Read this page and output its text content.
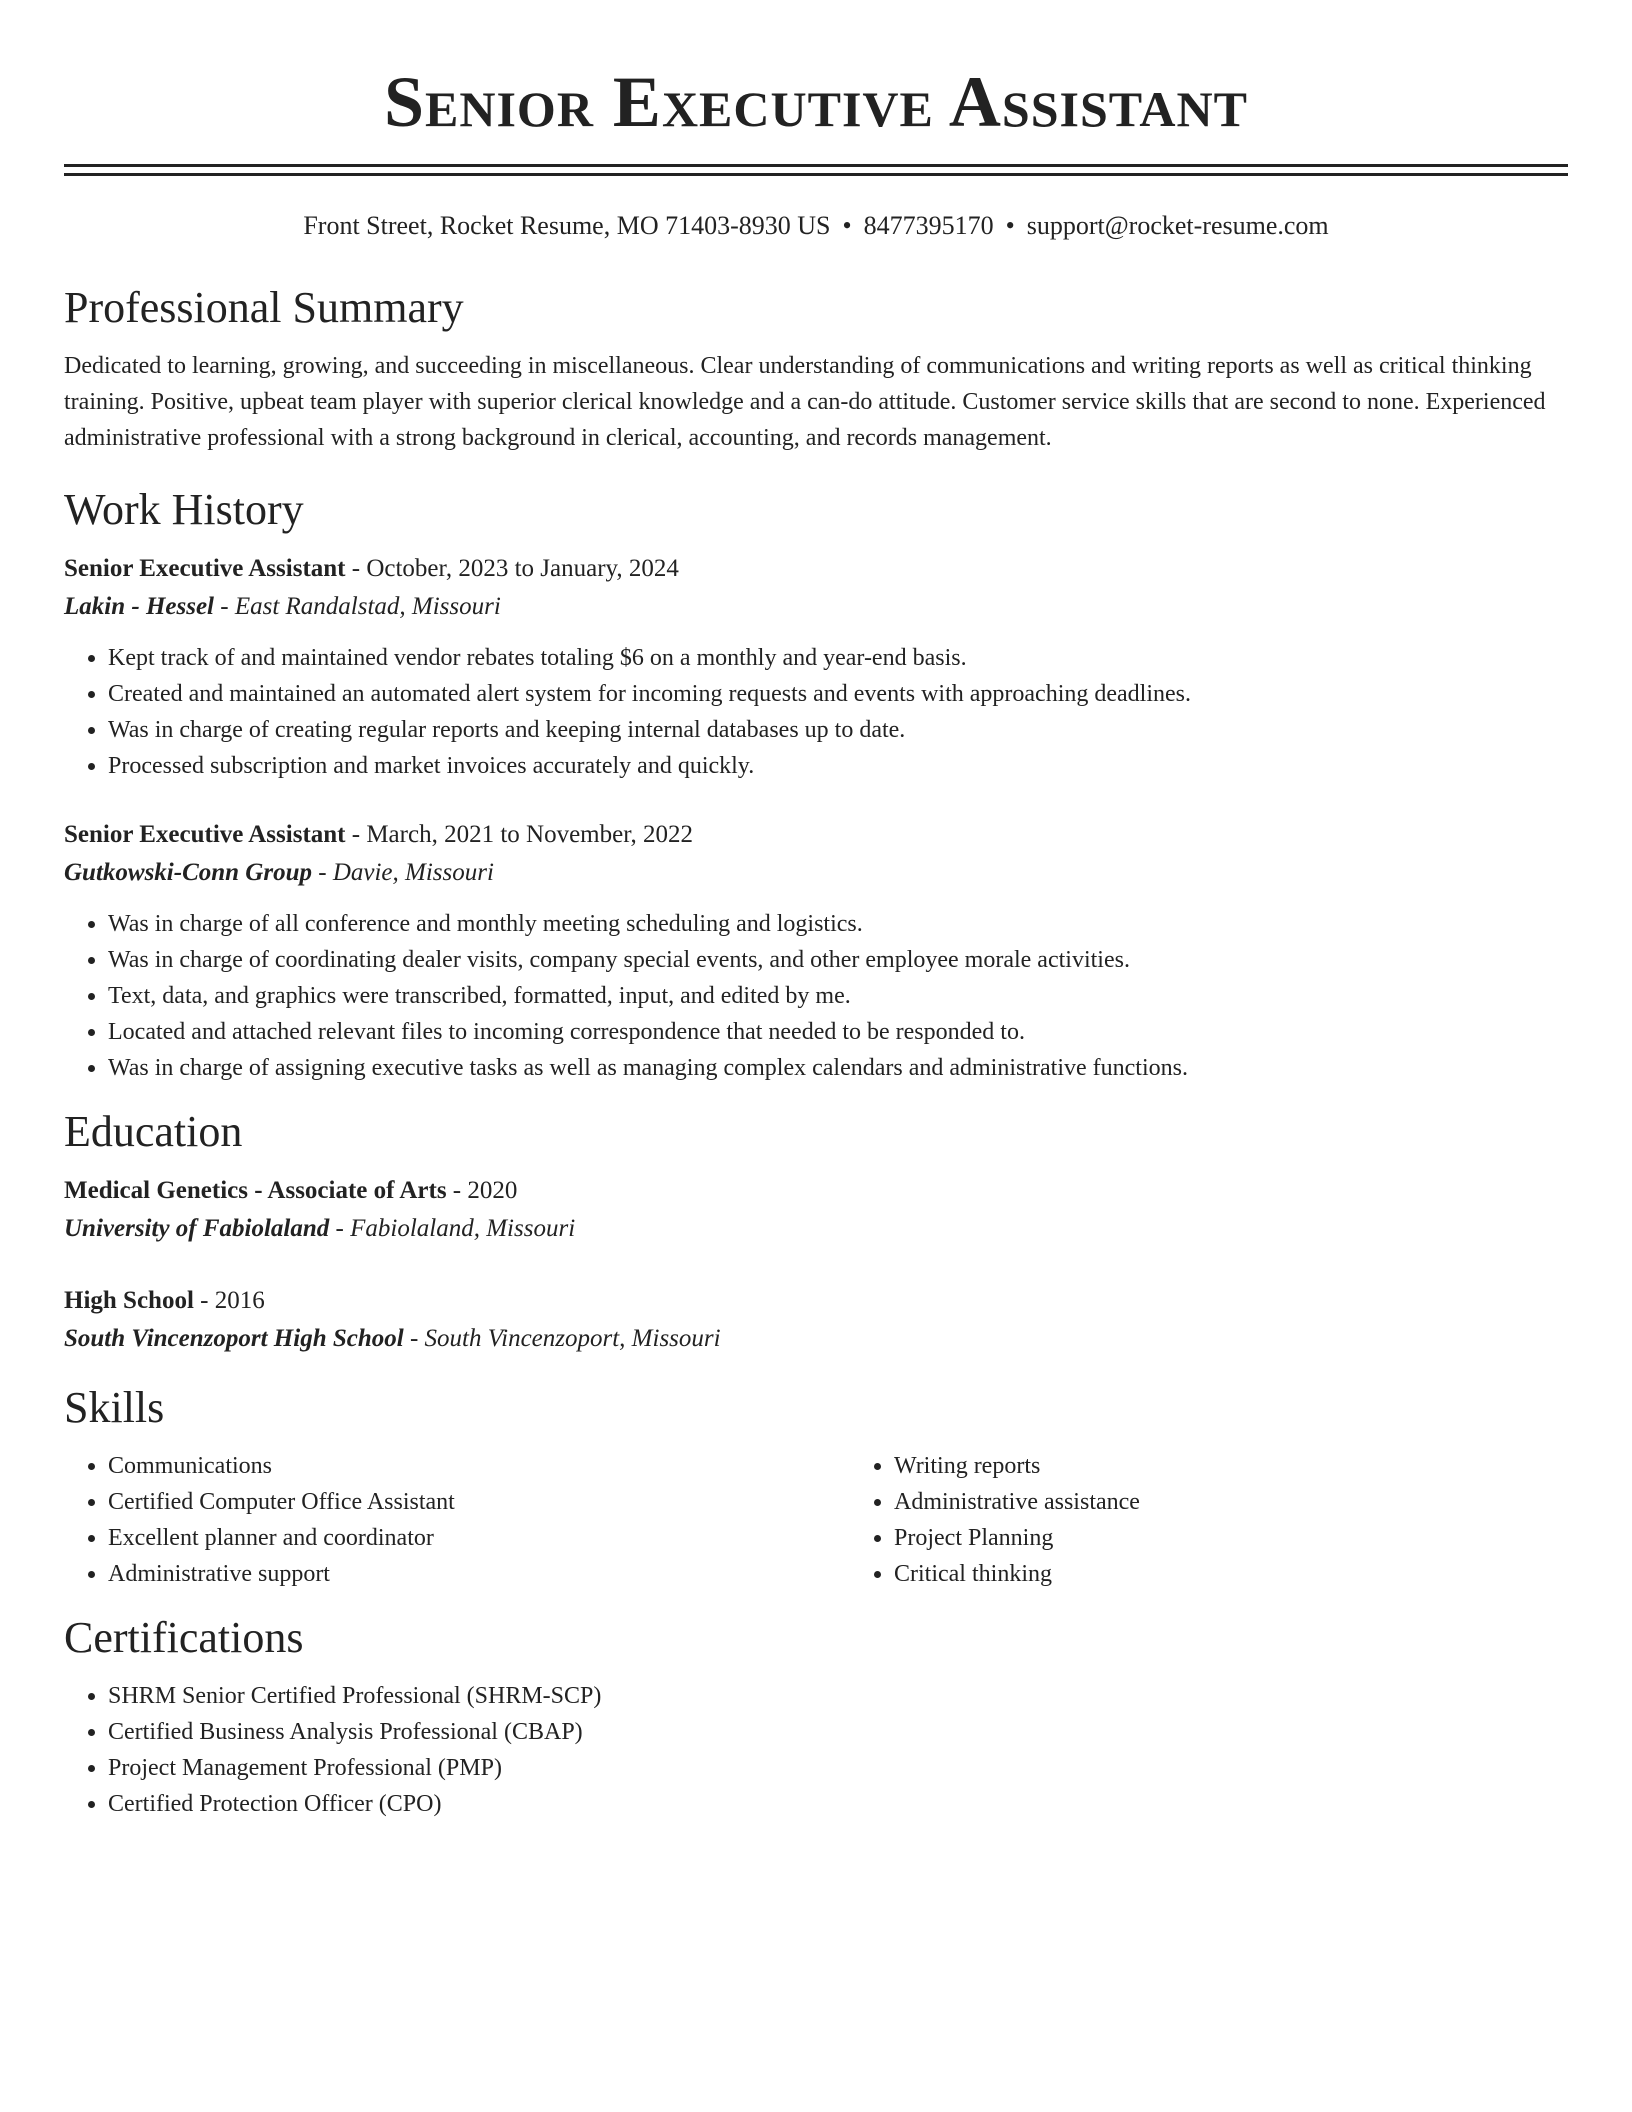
Senior Executive Assistant
Front Street, Rocket Resume, MO 71403-8930 US • 8477395170 • support@rocket-resume.com
Professional Summary

Dedicated to learning, growing, and succeeding in miscellaneous. Clear understanding of communications and writing reports as well as critical thinking training. Positive, upbeat team player with superior clerical knowledge and a can-do attitude. Customer service skills that are second to none. Experienced administrative professional with a strong background in clerical, accounting, and records management.

Work History
Senior Executive Assistant - October, 2023 to January, 2024
Lakin - Hessel - East Randalstad, Missouri
• Kept track of and maintained vendor rebates totaling $6 on a monthly and year-end basis.
• Created and maintained an automated alert system for incoming requests and events with approaching deadlines.
• Was in charge of creating regular reports and keeping internal databases up to date.
• Processed subscription and market invoices accurately and quickly.
Senior Executive Assistant - March, 2021 to November, 2022
Gutkowski-Conn Group - Davie, Missouri
• Was in charge of all conference and monthly meeting scheduling and logistics.
• Was in charge of coordinating dealer visits, company special events, and other employee morale activities.
• Text, data, and graphics were transcribed, formatted, input, and edited by me.
• Located and attached relevant files to incoming correspondence that needed to be responded to.
• Was in charge of assigning executive tasks as well as managing complex calendars and administrative functions.
Education
Medical Genetics - Associate of Arts - 2020
University of Fabiolaland - Fabiolaland, Missouri
High School - 2016
South Vincenzoport High School - South Vincenzoport, Missouri
Skills
• Communications
• Certified Computer Office Assistant
• Excellent planner and coordinator
• Administrative support
• Writing reports
• Administrative assistance
• Project Planning
• Critical thinking
Certifications
• SHRM Senior Certified Professional (SHRM-SCP)
• Certified Business Analysis Professional (CBAP)
• Project Management Professional (PMP)
• Certified Protection Officer (CPO)
